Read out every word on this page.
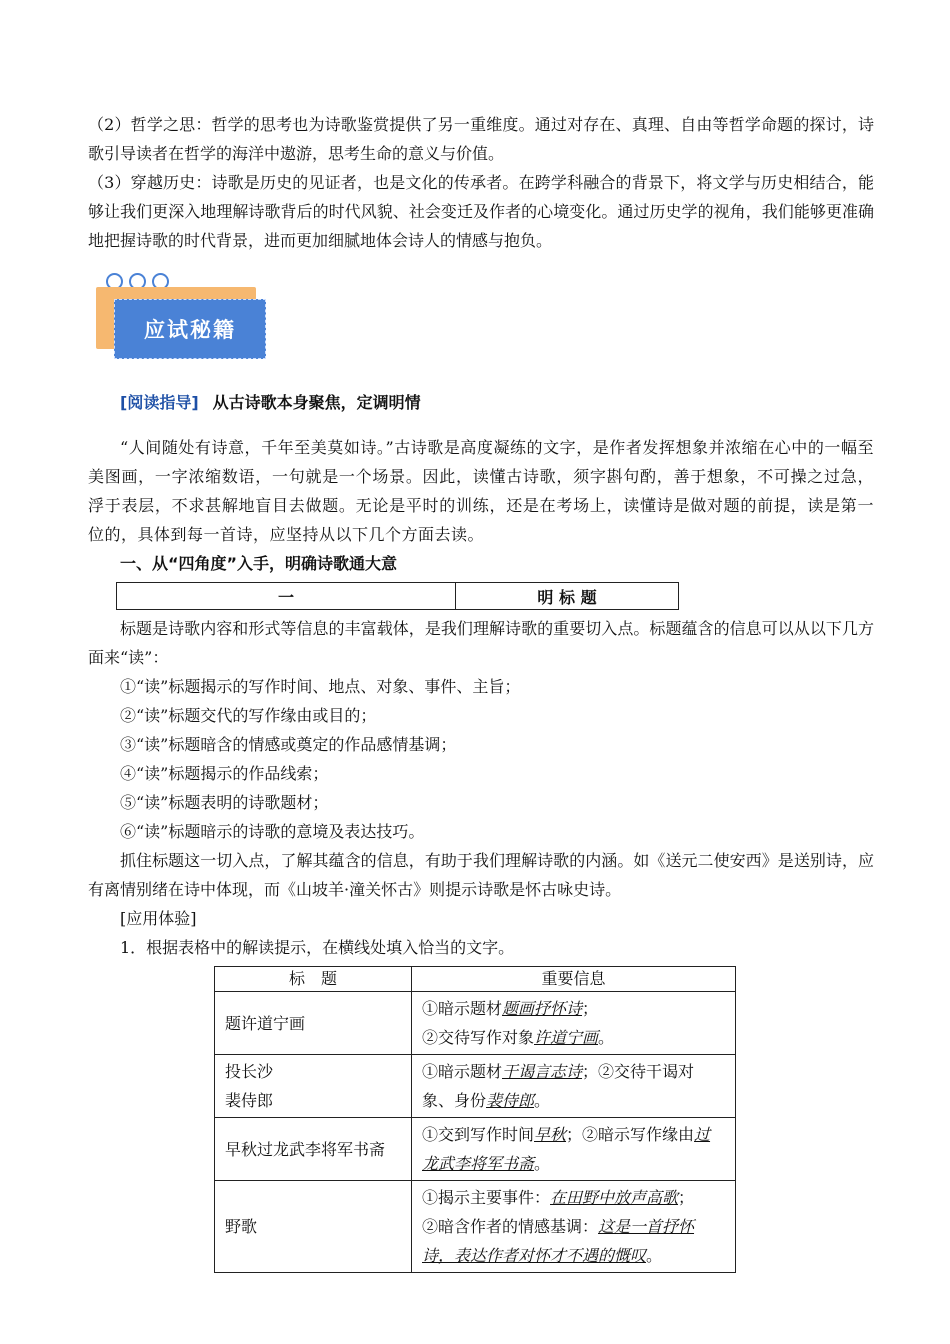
（2）哲学之思：哲学的思考也为诗歌鉴赏提供了另一重维度。通过对存在、真理、自由等哲学命题的探讨，诗歌引导读者在哲学的海洋中遨游，思考生命的意义与价值。

（3）穿越历史：诗歌是历史的见证者，也是文化的传承者。在跨学科融合的背景下，将文学与历史相结合，能够让我们更深入地理解诗歌背后的时代风貌、社会变迁及作者的心境变化。通过历史学的视角，我们能够更准确地把握诗歌的时代背景，进而更加细腻地体会诗人的情感与抱负。

应试秘籍

[阅读指导] 从古诗歌本身聚焦，定调明情

“人间随处有诗意，千年至美莫如诗。”古诗歌是高度凝练的文字，是作者发挥想象并浓缩在心中的一幅至美图画，一字浓缩数语，一句就是一个场景。因此，读懂古诗歌，须字斟句酌，善于想象，不可操之过急，浮于表层，不求甚解地盲目去做题。无论是平时的训练，还是在考场上，读懂诗是做对题的前提，读是第一位的，具体到每一首诗，应坚持从以下几个方面去读。

一、从“四角度”入手，明确诗歌通大意

一	明 标 题

标题是诗歌内容和形式等信息的丰富载体，是我们理解诗歌的重要切入点。标题蕴含的信息可以从以下几方面来“读”：

①“读”标题揭示的写作时间、地点、对象、事件、主旨；

②“读”标题交代的写作缘由或目的；

③“读”标题暗含的情感或奠定的作品感情基调；

④“读”标题揭示的作品线索；

⑤“读”标题表明的诗歌题材；

⑥“读”标题暗示的诗歌的意境及表达技巧。

抓住标题这一切入点，了解其蕴含的信息，有助于我们理解诗歌的内涵。如《送元二使安西》是送别诗，应有离情别绪在诗中体现，而《山坡羊·潼关怀古》则提示诗歌是怀古咏史诗。

[应用体验]

1．根据表格中的解读提示，在横线处填入恰当的文字。

标　题	重要信息
题许道宁画	①暗示题材题画抒怀诗；
②交待写作对象许道宁画。

投长沙
裴侍郎	①暗示题材干谒言志诗；②交待干谒对象、身份裴侍郎。

早秋过龙武李将军书斋	①交到写作时间早秋；②暗示写作缘由过龙武李将军书斋。

野歌	①揭示主要事件：在田野中放声高歌；
②暗含作者的情感基调：这是一首抒怀诗，表达作者对怀才不遇的慨叹。
